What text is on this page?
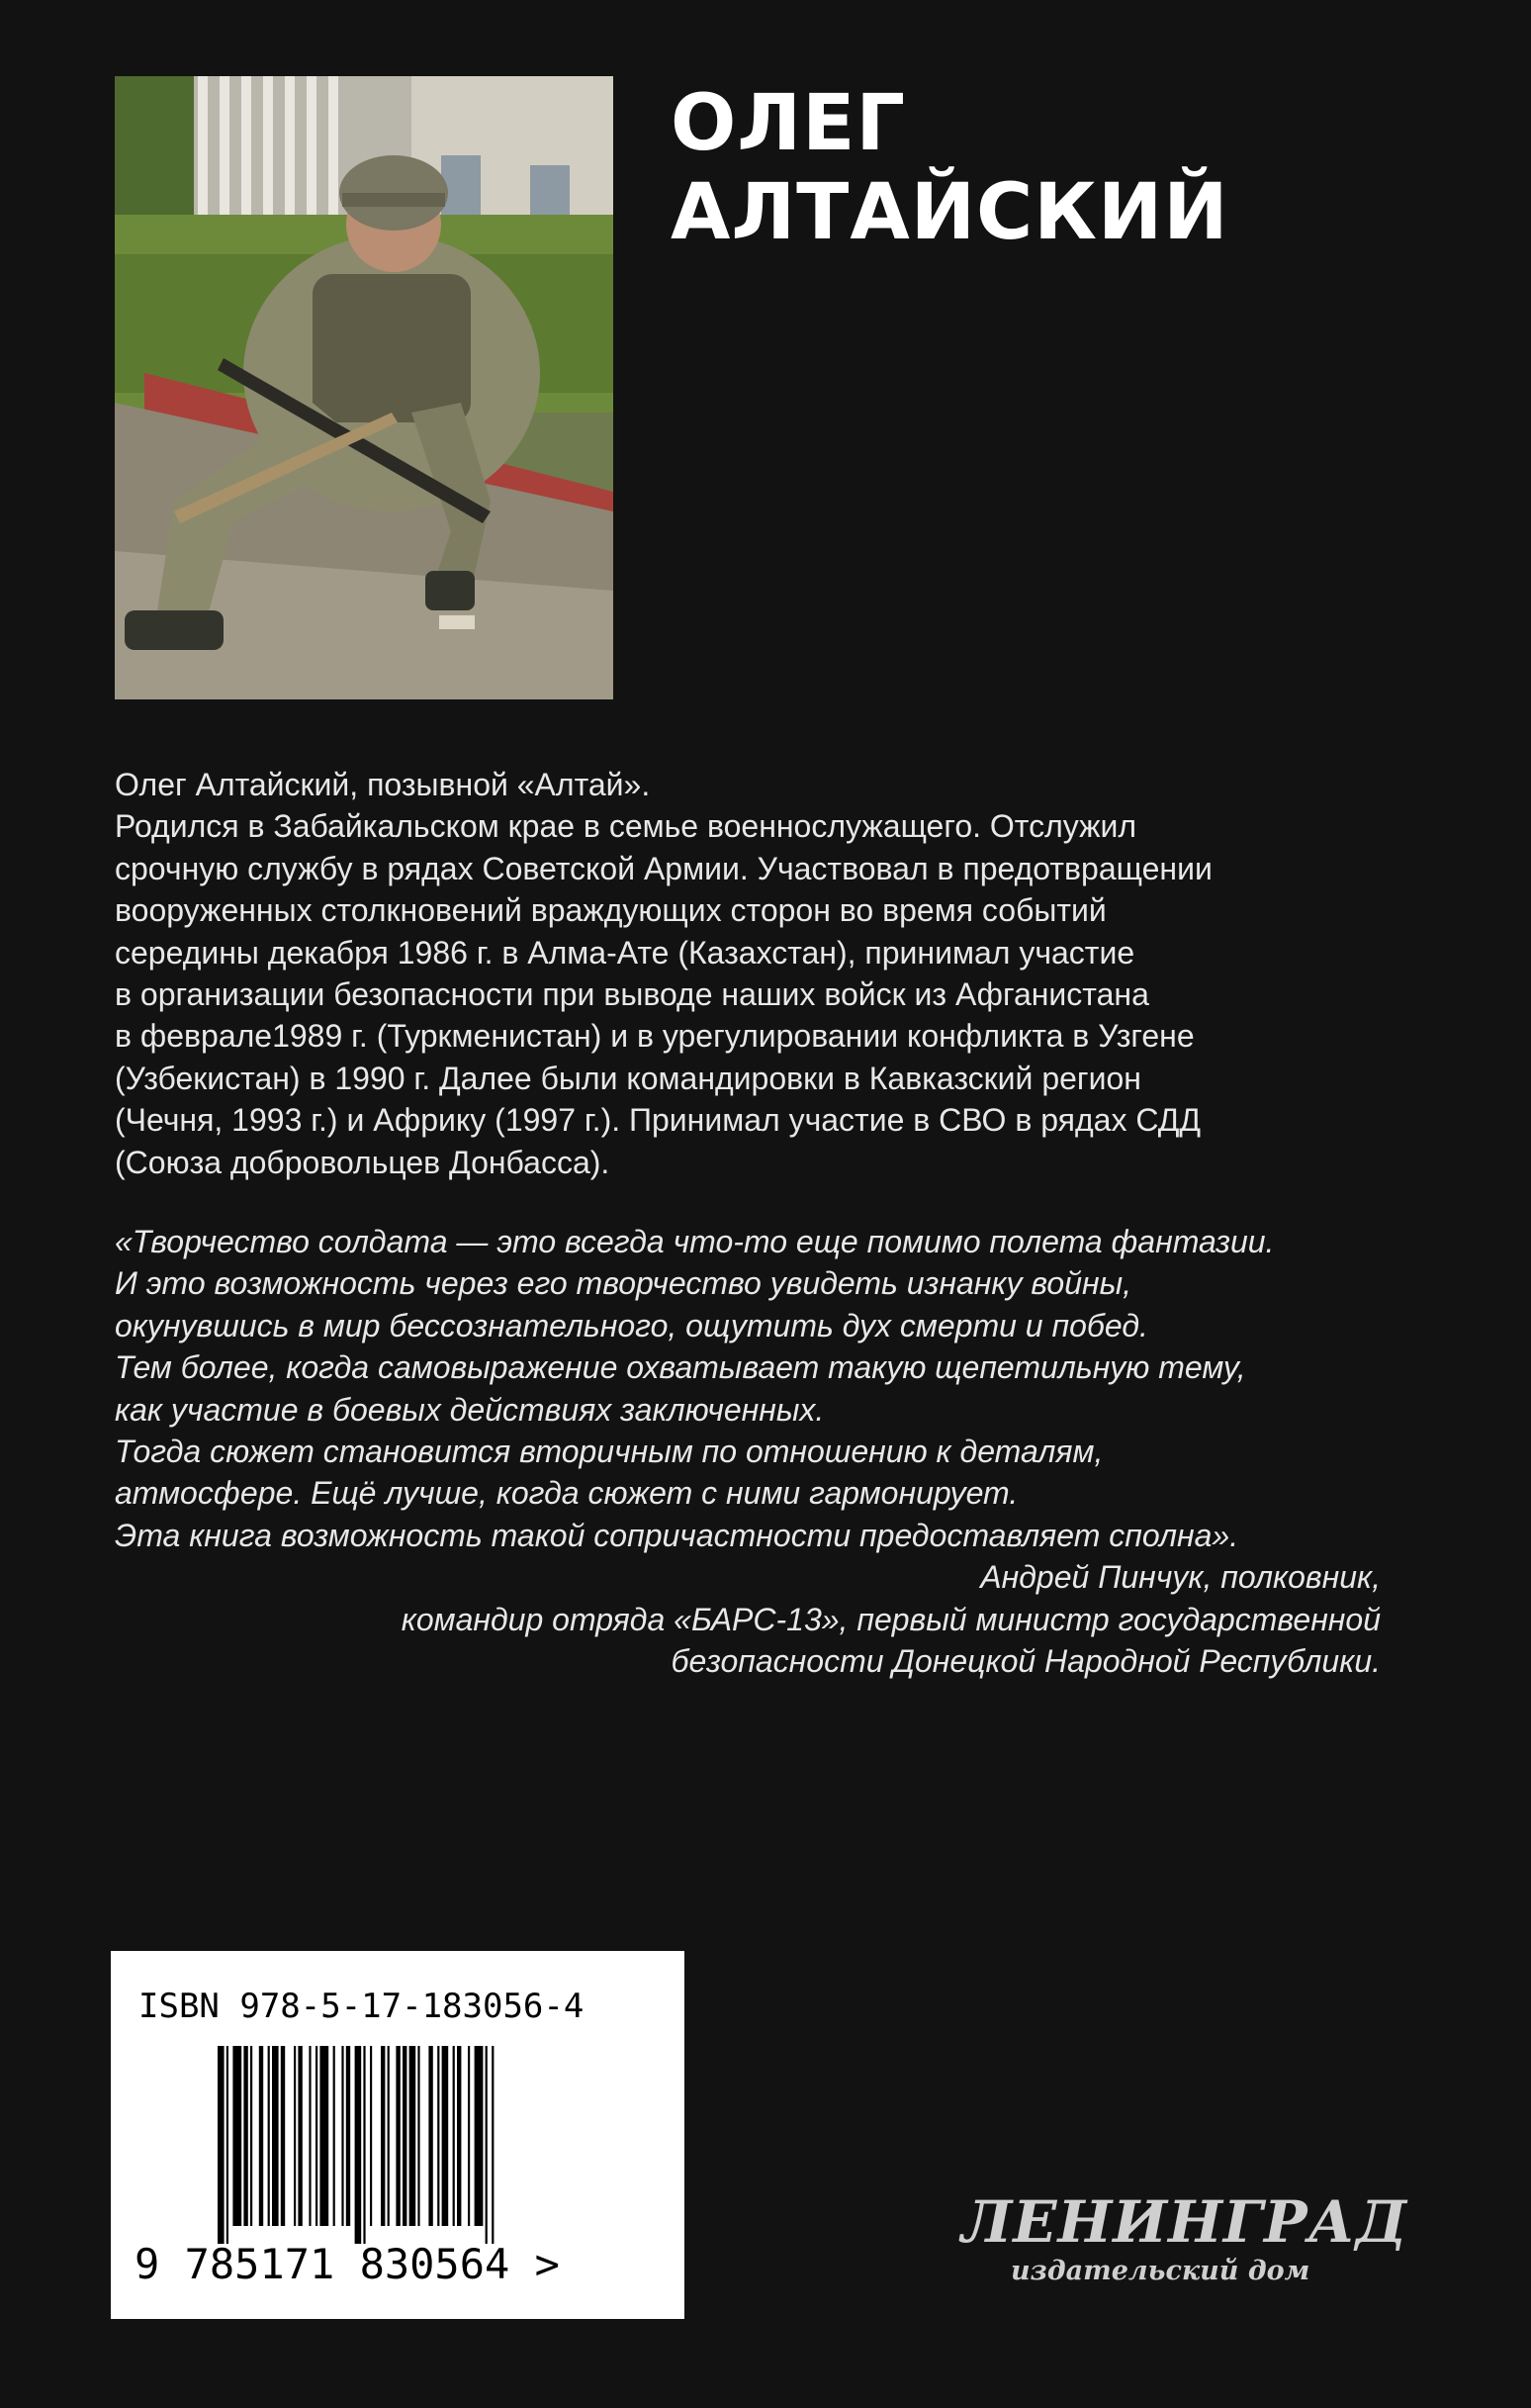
ОЛЕГ
АЛТАЙСКИЙ
Олег Алтайский, позывной «Алтай».
Родился в Забайкальском крае в семье военнослужащего. Отслужил
срочную службу в рядах Советской Армии. Участвовал в предотвращении
вооруженных столкновений враждующих сторон во время событий
середины декабря 1986 г. в Алма-Ате (Казахстан), принимал участие
в организации безопасности при выводе наших войск из Афганистана
в феврале1989 г. (Туркменистан) и в урегулировании конфликта в Узгене
(Узбекистан) в 1990 г. Далее были командировки в Кавказский регион
(Чечня, 1993 г.) и Африку (1997 г.). Принимал участие в СВО в рядах СДД
(Союза добровольцев Донбасса).
«Творчество солдата — это всегда что-то еще помимо полета фантазии.
И это возможность через его творчество увидеть изнанку войны,
окунувшись в мир бессознательного, ощутить дух смерти и побед.
Тем более, когда самовыражение охватывает такую щепетильную тему,
как участие в боевых действиях заключенных.
Тогда сюжет становится вторичным по отношению к деталям,
атмосфере. Ещё лучше, когда сюжет с ними гармонирует.
Эта книга возможность такой сопричастности предоставляет сполна».
Андрей Пинчук, полковник,
командир отряда «БАРС-13», первый министр государственной
безопасности Донецкой Народной Республики.
ISBN 978-5-17-183056-4
9 785171 830564 >
ЛЕНИНГРАД
издательский дом
